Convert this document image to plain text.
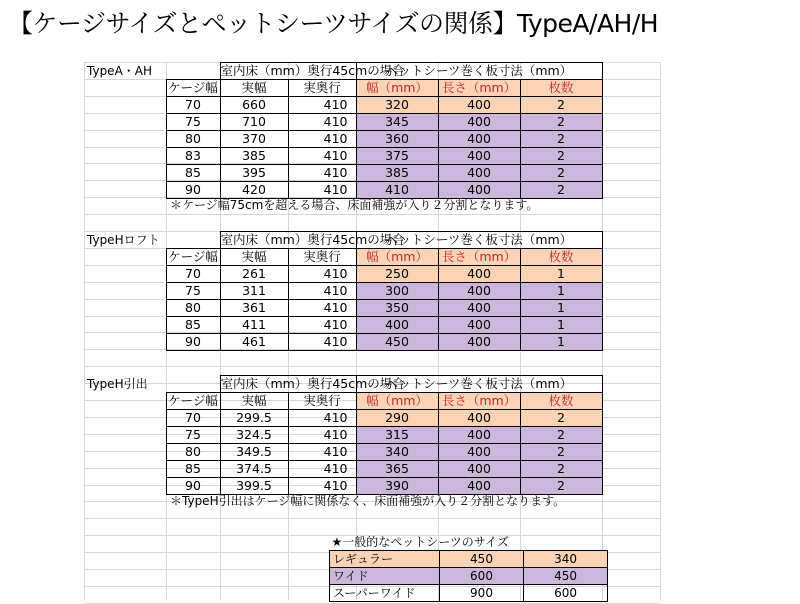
【ケージサイズとペットシーツサイズの関係】TypeA/AH/H
TypeA・AH		室内床（mm）奥行45cmの場合		ペットシーツ巻く板寸法（mm）		
	ケージ幅	実幅	実奥行	幅（mm）	長さ（mm）	枚数
	70	660	410	320	400	2
	75	710	410	345	400	2
	80	370	410	360	400	2
	83	385	410	375	400	2
	85	395	410	385	400	2
	90	420	410	410	400	2
＊ケージ幅75cmを超える場合、床面補強が入り２分割となります。
TypeHロフト		室内床（mm）奥行45cmの場合		ペットシーツ巻く板寸法（mm）		
	ケージ幅	実幅	実奥行	幅（mm）	長さ（mm）	枚数
	70	261	410	250	400	1
	75	311	410	300	400	1
	80	361	410	350	400	1
	85	411	410	400	400	1
	90	461	410	450	400	1
TypeH引出		室内床（mm）奥行45cmの場合		ペットシーツ巻く板寸法（mm）		
	ケージ幅	実幅	実奥行	幅（mm）	長さ（mm）	枚数
	70	299.5	410	290	400	2
	75	324.5	410	315	400	2
	80	349.5	410	340	400	2
	85	374.5	410	365	400	2
	90	399.5	410	390	400	2
＊TypeH引出はケージ幅に関係なく、床面補強が入り２分割となります。
★一般的なペットシーツのサイズ		
レギュラー	450	340
ワイド	600	450
スーパーワイド	900	600
